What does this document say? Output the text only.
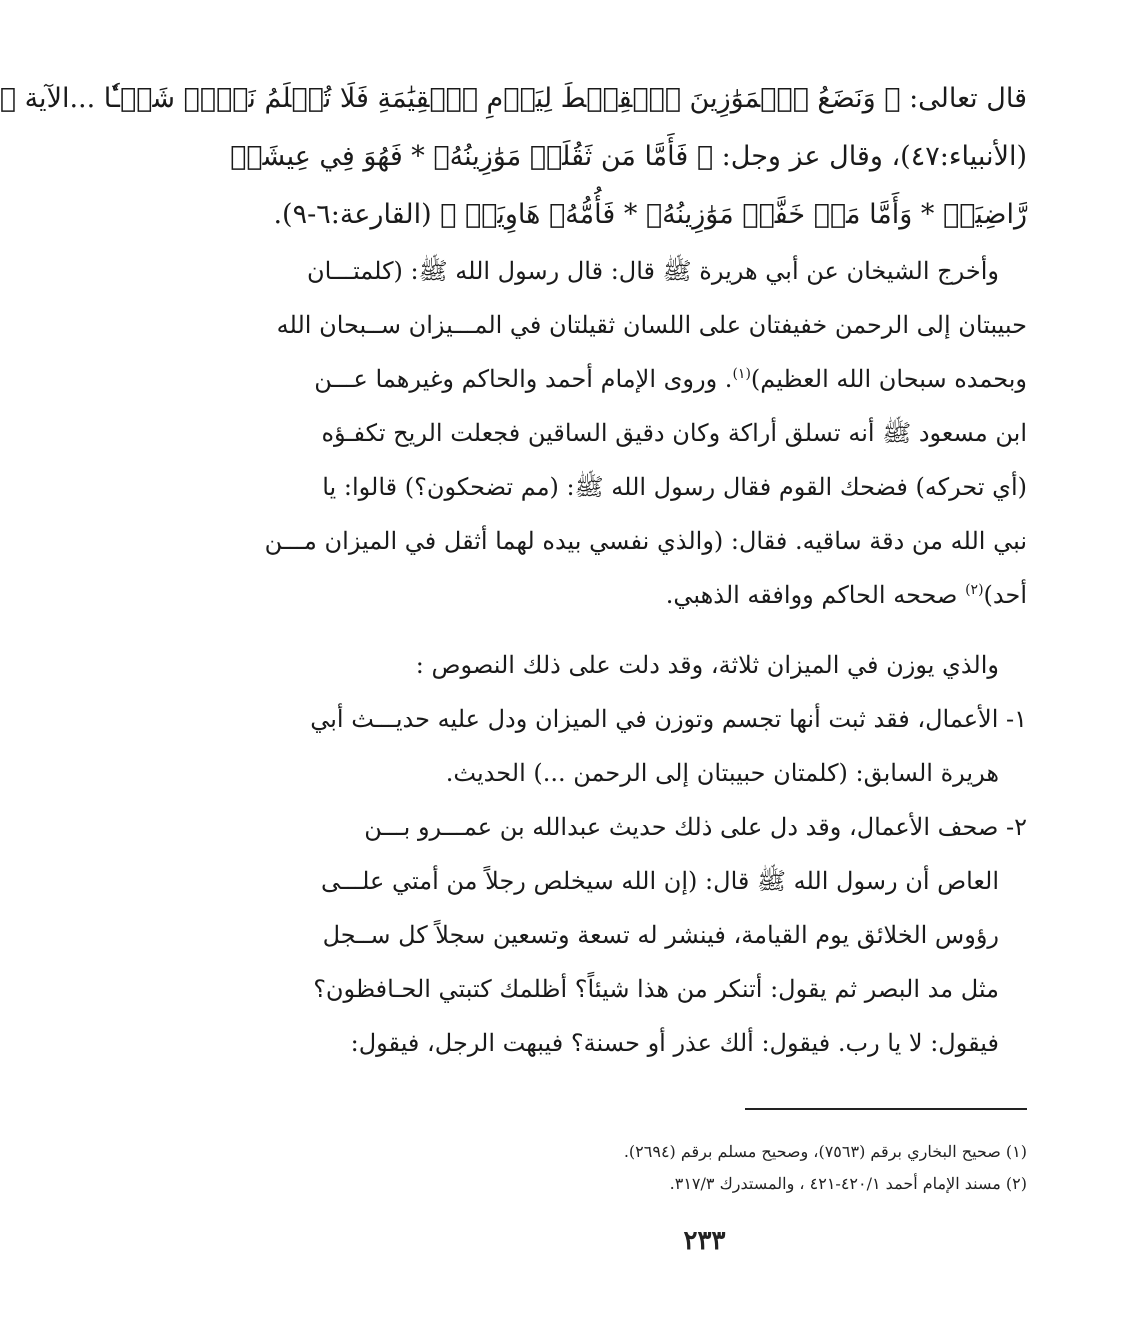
قال تعالى: ﴿ وَنَضَعُ ٱلۡمَوَٰزِينَ ٱلۡقِسۡطَ لِيَوۡمِ ٱلۡقِيَٰمَةِ فَلَا تُظۡلَمُ نَفۡسٞ شَيۡـٔٗا ...الآية ﴾
(الأنبياء:٤٧)، وقال عز وجل: ﴿ فَأَمَّا مَن ثَقُلَتۡ مَوَٰزِينُهُۥ * فَهُوَ فِي عِيشَةٖ
رَّاضِيَةٖ * وَأَمَّا مَنۡ خَفَّتۡ مَوَٰزِينُهُۥ * فَأُمُّهُۥ هَاوِيَةٞ ﴾ (القارعة:٦-٩).
وأخرج الشيخان عن أبي هريرة ﷺ قال: قال رسول الله ﷺ: (كلمتـــان
حبيبتان إلى الرحمن خفيفتان على اللسان ثقيلتان في المـــيزان ســبحان الله
وبحمده سبحان الله العظيم)$^{(١)}$. وروى الإمام أحمد والحاكم وغيرهما عـــن
ابن مسعود ﷺ أنه تسلق أراكة وكان دقيق الساقين فجعلت الريح تكفـؤه
(أي تحركه) فضحك القوم فقال رسول الله ﷺ: (مم تضحكون؟) قالوا: يا
نبي الله من دقة ساقيه. فقال: (والذي نفسي بيده لهما أثقل في الميزان مـــن
أحد)$^{(٢)}$ صححه الحاكم ووافقه الذهبي.
والذي يوزن في الميزان ثلاثة، وقد دلت على ذلك النصوص :
١- الأعمال، فقد ثبت أنها تجسم وتوزن في الميزان ودل عليه حديـــث أبي
هريرة السابق: (كلمتان حبيبتان إلى الرحمن ...) الحديث.
٢- صحف الأعمال، وقد دل على ذلك حديث عبدالله بن عمـــرو بـــن
العاص أن رسول الله ﷺ قال: (إن الله سيخلص رجلاً من أمتي علـــى
رؤوس الخلائق يوم القيامة، فينشر له تسعة وتسعين سجلاً كل ســجل
مثل مد البصر ثم يقول: أتنكر من هذا شيئاً؟ أظلمك كتبتي الحـافظون؟
فيقول: لا يا رب. فيقول: ألك عذر أو حسنة؟ فيبهت الرجل، فيقول:
(١) صحيح البخاري برقم (٧٥٦٣)، وصحيح مسلم برقم (٢٦٩٤).
(٢) مسند الإمام أحمد ٤٢٠/١-٤٢١ ، والمستدرك ٣١٧/٣.
٢٣٣
